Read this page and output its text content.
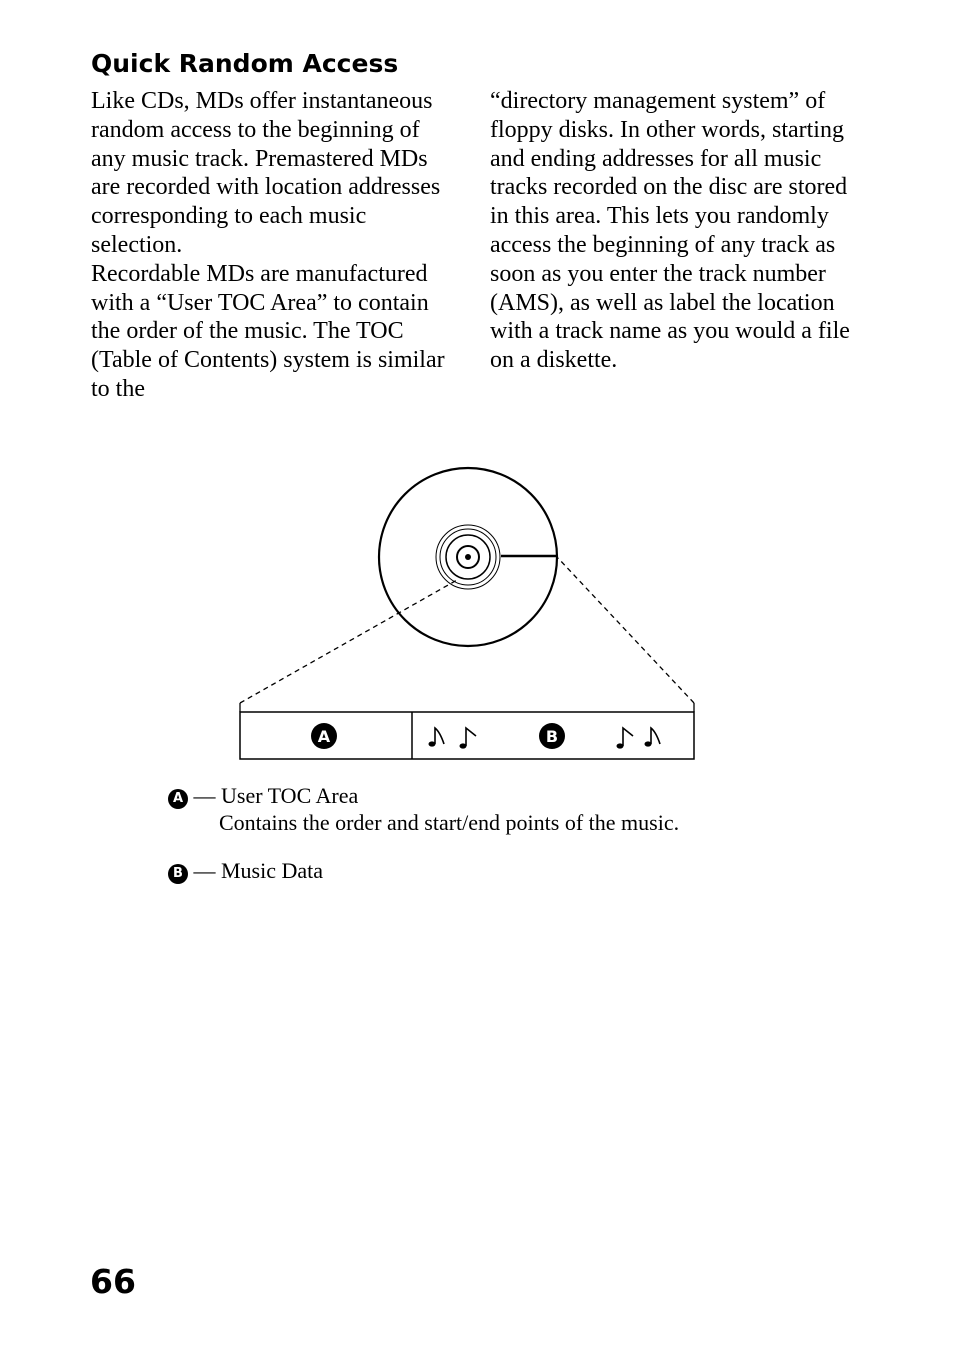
Quick Random Access

Like CDs, MDs offer instantaneous random access to the beginning of any music track. Premastered MDs are recorded with location addresses corresponding to each music selection.

Recordable MDs are manufactured with a “User TOC Area” to contain the order of the music. The TOC (Table of Contents) system is similar to the

“directory management system” of floppy disks. In other words, starting and ending addresses for all music tracks recorded on the disc are stored in this area. This lets you randomly access the beginning of any track as soon as you enter the track number (AMS), as well as label the location with a track name as you would a file on a diskette.

A	B
A — User TOC Area
Contains the order and start/end points of the music.
B — Music Data
66
